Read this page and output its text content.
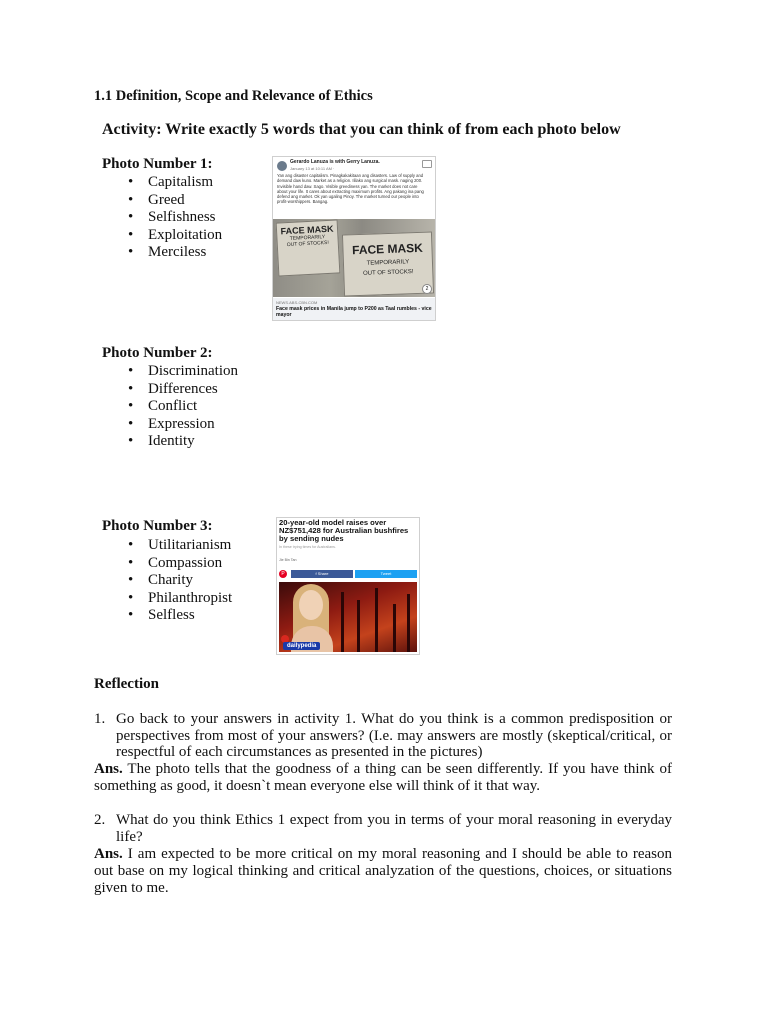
1.1 Definition, Scope and Relevance of Ethics
Activity: Write exactly 5 words that you can think of from each photo below
Photo Number 1:
• Capitalism
• Greed
• Selfishness
• Exploitation
• Merciless
Gerardo Lanuza is with Gerry Lanuza.
January 13 at 10:11 AM ·
Yan ang disaster capitalism. Pinagkakakitaan ang disasters. Law of supply and demand daw kuno. Market as a religion. Ililako ang surgical mask. naging 200. Invisible hand daw. Sago. Visible greediness yan. The market does not care about your life. It cares about extracting maximum profits. Ang pakang ina pang defend ang market. Ok yan ugaling Pinoy. The market turned our people into profit-worshippers. Bangag.
FACE MASK
TEMPORARILY
OUT OF STOCKS!	FACE MASK
TEMPORARILY
OUT OF STOCKS!
2
NEWS.ABS-CBN.COM
Face mask prices in Manila jump to P200 as Taal rumbles - vice mayor
Photo Number 2:
• Discrimination
• Differences
• Conflict
• Expression
• Identity
Photo Number 3:
• Utilitarianism
• Compassion
• Charity
• Philanthropist
• Selfless
20-year-old model raises over NZ$751,428 for Australian bushfires by sending nudes
In these trying times for Australians.
Jie Bin Tan
P	f Share	Tweet
dailypedia
Reflection
1. Go back to your answers in activity 1. What do you think is a common predisposition or perspectives from most of your answers? (I.e. may answers are mostly (skeptical/critical, or respectful of each circumstances as presented in the pictures)
Ans. The photo tells that the goodness of a thing can be seen differently. If you have think of something as good, it doesn`t mean everyone else will think of it that way.
2. What do you think Ethics 1 expect from you in terms of your moral reasoning in everyday life?
Ans. I am expected to be more critical on my moral reasoning and I should be able to reason out base on my logical thinking and critical analyzation of the questions, choices, or situations given to me.
